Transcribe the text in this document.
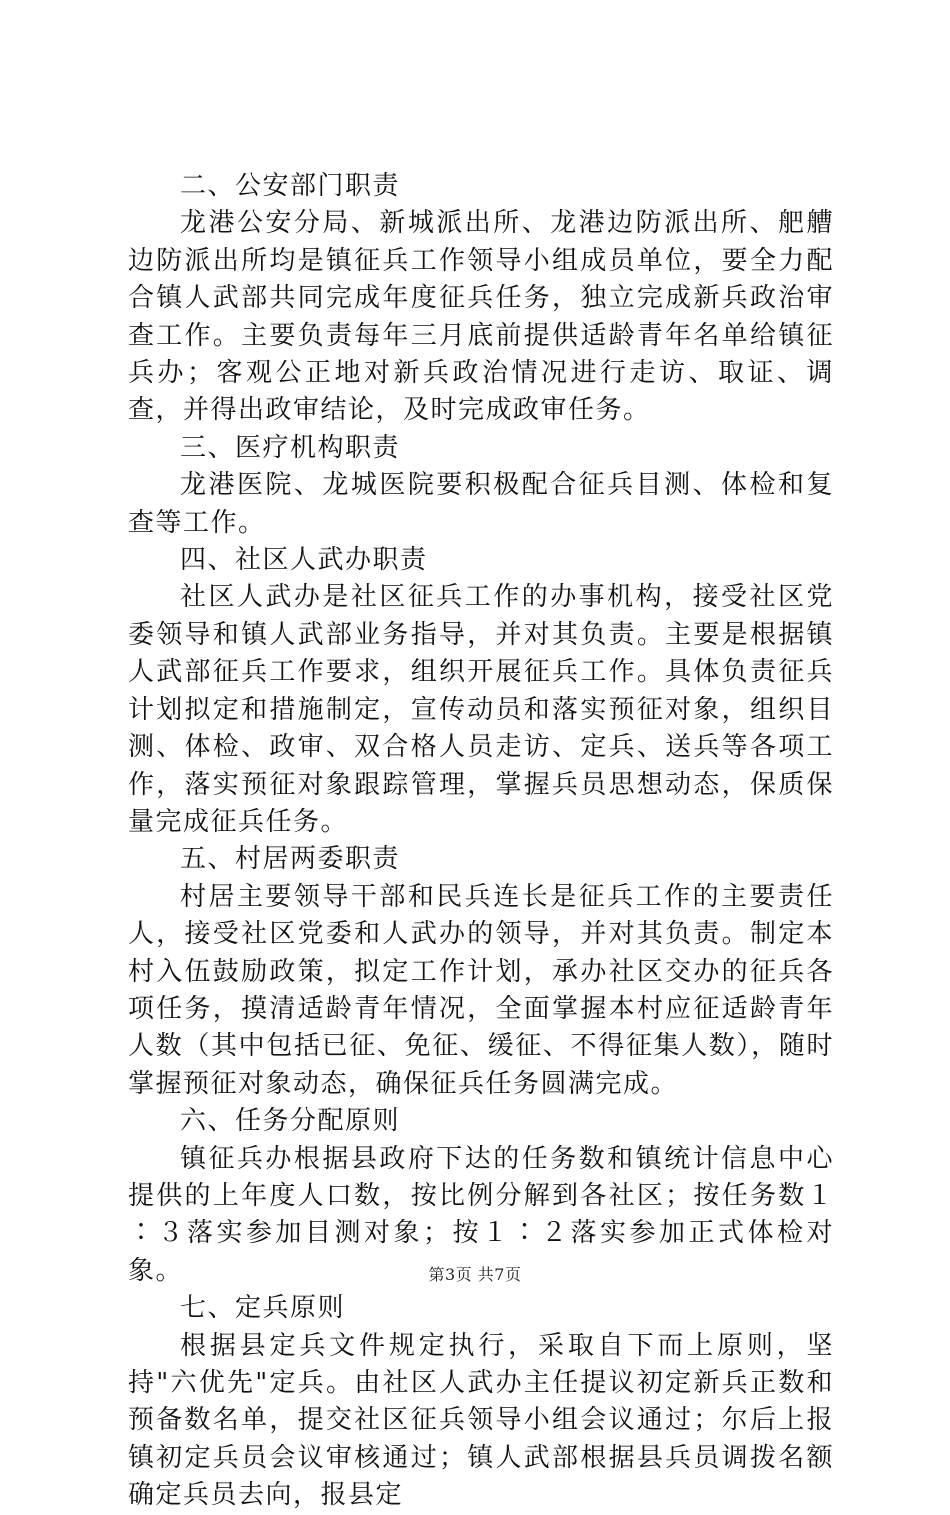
二、公安部门职责

龙港公安分局、新城派出所、龙港边防派出所、舥艚边防派出所均是镇征兵工作领导小组成员单位，要全力配合镇人武部共同完成年度征兵任务，独立完成新兵政治审查工作。主要负责每年三月底前提供适龄青年名单给镇征兵办；客观公正地对新兵政治情况进行走访、取证、调查，并得出政审结论，及时完成政审任务。

三、医疗机构职责

龙港医院、龙城医院要积极配合征兵目测、体检和复查等工作。

四、社区人武办职责

社区人武办是社区征兵工作的办事机构，接受社区党委领导和镇人武部业务指导，并对其负责。主要是根据镇人武部征兵工作要求，组织开展征兵工作。具体负责征兵计划拟定和措施制定，宣传动员和落实预征对象，组织目测、体检、政审、双合格人员走访、定兵、送兵等各项工作，落实预征对象跟踪管理，掌握兵员思想动态，保质保量完成征兵任务。

五、村居两委职责

村居主要领导干部和民兵连长是征兵工作的主要责任人，接受社区党委和人武办的领导，并对其负责。制定本村入伍鼓励政策，拟定工作计划，承办社区交办的征兵各项任务，摸清适龄青年情况，全面掌握本村应征适龄青年人数（其中包括已征、免征、缓征、不得征集人数），随时掌握预征对象动态，确保征兵任务圆满完成。

六、任务分配原则

镇征兵办根据县政府下达的任务数和镇统计信息中心提供的上年度人口数，按比例分解到各社区；按任务数１∶３落实参加目测对象；按１∶２落实参加正式体检对象。

七、定兵原则

根据县定兵文件规定执行，采取自下而上原则，坚持"六优先"定兵。由社区人武办主任提议初定新兵正数和预备数名单，提交社区征兵领导小组会议通过；尔后上报镇初定兵员会议审核通过；镇人武部根据县兵员调拨名额确定兵员去向，报县定

第3页 共7页
